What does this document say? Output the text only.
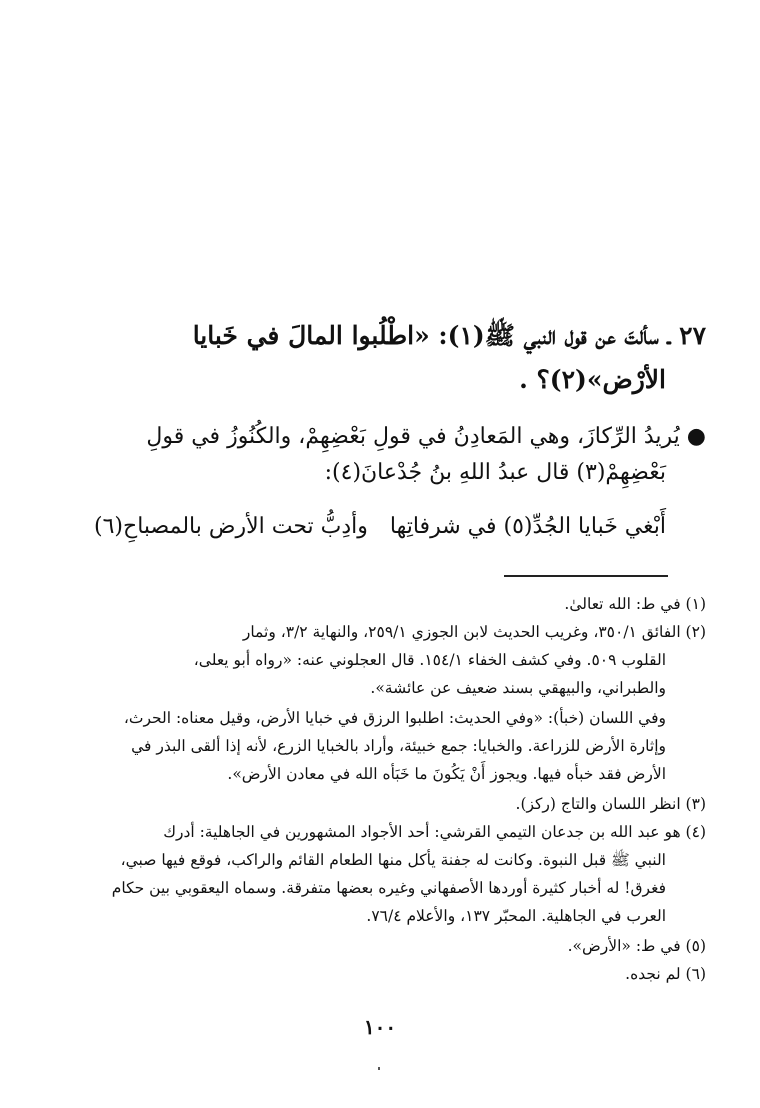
٢٧ ـ سألتَ عن قول النبي ﷺ(١): «اطْلُبوا المالَ في خَبايا
الأرْض»(٢)؟ .
● يُريدُ الرِّكازَ، وهي المَعادِنُ في قولِ بَعْضِهِمْ، والكُنُوزُ في قولِ
بَعْضِهِمْ(٣) قال عبدُ اللهِ بنُ جُدْعانَ(٤):
أَبْغي خَبايا الجُدِّ(٥) في شرفاتِها
وأدِبُّ تحت الأرض بالمصباحِ(٦)
(١) في ط: الله تعالىٰ.
(٢) الفائق ٣٥٠/١، وغريب الحديث لابن الجوزي ٢٥٩/١، والنهاية ٣/٢، وثمار
القلوب ٥٠٩. وفي كشف الخفاء ١٥٤/١. قال العجلوني عنه: «رواه أبو يعلى،
والطبراني، والبيهقي بسند ضعيف عن عائشة».
وفي اللسان (خبأ): «وفي الحديث: اطلبوا الرزق في خبايا الأرض، وقيل معناه: الحرث،
وإثارة الأرض للزراعة. والخبايا: جمع خبيئة، وأراد بالخبايا الزرع، لأنه إذا ألقى البذر في
الأرض فقد خبأه فيها. ويجوز أَنْ يَكُونَ ما خَبَأه الله في معادن الأرض».
(٣) انظر اللسان والتاج (ركز).
(٤) هو عبد الله بن جدعان التيمي القرشي: أحد الأجواد المشهورين في الجاهلية: أدرك
النبي ﷺ قبل النبوة. وكانت له جفنة يأكل منها الطعام القائم والراكب، فوقع فيها صبي،
فغرق! له أخبار كثيرة أوردها الأصفهاني وغيره بعضها متفرقة. وسماه اليعقوبي بين حكام
العرب في الجاهلية. المحبّر ١٣٧، والأعلام ٧٦/٤.
(٥) في ط: «الأرض».
(٦) لم نجده.
١٠٠
